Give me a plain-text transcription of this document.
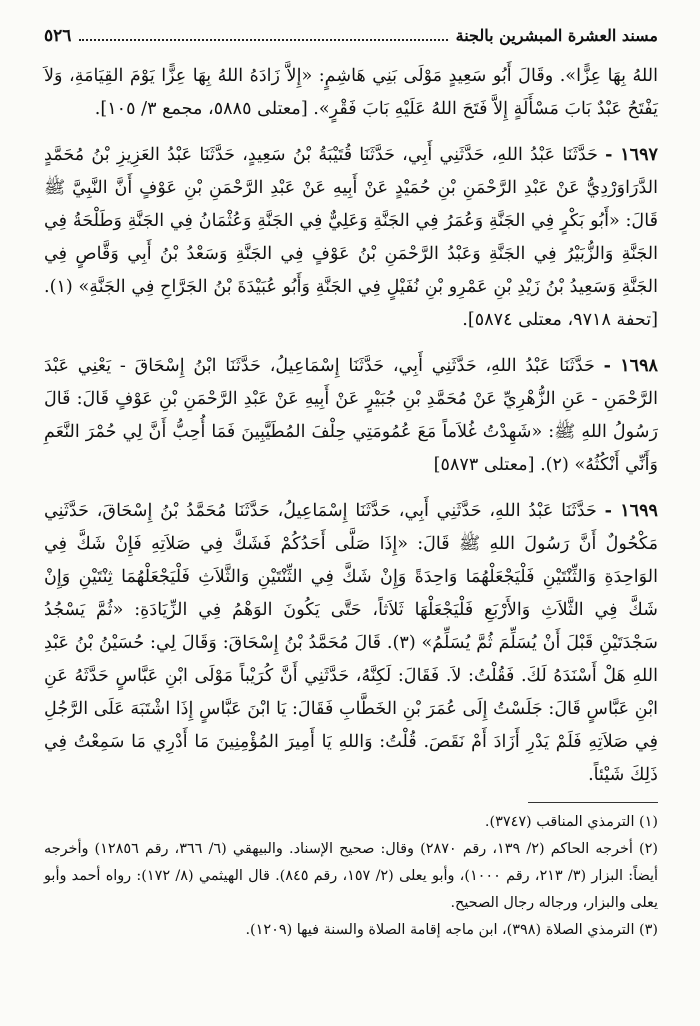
مسند العشرة المبشرين بالجنة
٥٢٦

اللهُ بِهَا عِزًّا». وقَالَ أَبُو سَعِيدٍ مَوْلَى بَنِي هَاشِمٍ: «إِلاَّ زَادَهُ اللهُ بِهَا عِزًّا يَوْمَ القِيَامَةِ، وَلاَ يَفْتَحُ عَبْدٌ بَابَ مَسْأَلَةٍ إِلاَّ فَتَحَ اللهُ عَلَيْهِ بَابَ فَقْرٍ». [معتلى ٥٨٨٥، مجمع ٣/ ١٠٥].

١٦٩٧ - حَدَّثَنَا عَبْدُ اللهِ، حَدَّثَنِي أَبِي، حَدَّثَنَا قُتَيْبَةُ بْنُ سَعِيدٍ، حَدَّثَنَا عَبْدُ العَزِيزِ بْنُ مُحَمَّدٍ الدَّرَاوَرْدِيُّ عَنْ عَبْدِ الرَّحْمَنِ بْنِ حُمَيْدٍ عَنْ أَبِيهِ عَنْ عَبْدِ الرَّحْمَنِ بْنِ عَوْفٍ أَنَّ النَّبِيَّ ﷺ قَالَ: «أَبُو بَكْرٍ فِي الجَنَّةِ وَعُمَرُ فِي الجَنَّةِ وَعَلِيٌّ فِي الجَنَّةِ وَعُثْمَانُ فِي الجَنَّةِ وَطَلْحَةُ فِي الجَنَّةِ وَالزُّبَيْرُ فِي الجَنَّةِ وَعَبْدُ الرَّحْمَنِ بْنُ عَوْفٍ فِي الجَنَّةِ وَسَعْدُ بْنُ أَبِي وَقَّاصٍ فِي الجَنَّةِ وَسَعِيدُ بْنُ زَيْدِ بْنِ عَمْرِو بْنِ نُفَيْلٍ فِي الجَنَّةِ وَأَبُو عُبَيْدَةَ بْنُ الجَرَّاحِ فِي الجَنَّةِ» (١). [تحفة ٩٧١٨، معتلى ٥٨٧٤].

١٦٩٨ - حَدَّثَنَا عَبْدُ اللهِ، حَدَّثَنِي أَبِي، حَدَّثَنَا إِسْمَاعِيلُ، حَدَّثَنَا ابْنُ إِسْحَاقَ - يَعْنِي عَبْدَ الرَّحْمَنِ - عَنِ الزُّهْرِيِّ عَنْ مُحَمَّدِ بْنِ جُبَيْرٍ عَنْ أَبِيهِ عَنْ عَبْدِ الرَّحْمَنِ بْنِ عَوْفٍ قَالَ: قَالَ رَسُولُ اللهِ ﷺ: «شَهِدْتُ غُلاَماً مَعَ عُمُومَتِي حِلْفَ المُطَيَّبِينَ فَمَا أُحِبُّ أَنَّ لِي حُمْرَ النَّعَمِ وَأَنِّي أَنْكُثُهُ» (٢). [معتلى ٥٨٧٣]

١٦٩٩ - حَدَّثَنَا عَبْدُ اللهِ، حَدَّثَنِي أَبِي، حَدَّثَنَا إِسْمَاعِيلُ، حَدَّثَنَا مُحَمَّدُ بْنُ إِسْحَاقَ، حَدَّثَنِي مَكْحُولٌ أَنَّ رَسُولَ اللهِ ﷺ قَالَ: «إِذَا صَلَّى أَحَدُكُمْ فَشَكَّ فِي صَلاَتِهِ فَإِنْ شَكَّ فِي الوَاحِدَةِ وَالثِّنْتَيْنِ فَلْيَجْعَلْهُمَا وَاحِدَةً وَإِنْ شَكَّ فِي الثِّنْتَيْنِ وَالثَّلاَثِ فَلْيَجْعَلْهُمَا ثِنْتَيْنِ وَإِنْ شَكَّ فِي الثَّلاَثِ وَالأَرْبَعِ فَلْيَجْعَلْهَا ثَلاَثاً، حَتَّى يَكُونَ الوَهْمُ فِي الزِّيَادَةِ: «ثُمَّ يَسْجُدُ سَجْدَتَيْنِ قَبْلَ أَنْ يُسَلِّمَ ثُمَّ يُسَلِّمُ» (٣). قَالَ مُحَمَّدُ بْنُ إِسْحَاقَ: وَقَالَ لِي: حُسَيْنُ بْنُ عَبْدِ اللهِ هَلْ أَسْنَدَهُ لَكَ. فَقُلْتُ: لاَ. فَقَالَ: لَكِنَّهُ، حَدَّثَنِي أَنَّ كُرَيْباً مَوْلَى ابْنِ عَبَّاسٍ حَدَّثَهُ عَنِ ابْنِ عَبَّاسٍ قَالَ: جَلَسْتُ إِلَى عُمَرَ بْنِ الخَطَّابِ فَقَالَ: يَا ابْنَ عَبَّاسٍ إِذَا اشْتَبَهَ عَلَى الرَّجُلِ فِي صَلاَتِهِ فَلَمْ يَدْرِ أَزَادَ أَمْ نَقَصَ. قُلْتُ: وَاللهِ يَا أَمِيرَ المُؤْمِنِينَ مَا أَدْرِي مَا سَمِعْتُ فِي ذَلِكَ شَيْئاً.

(١) الترمذي المناقب (٣٧٤٧).

(٢) أخرجه الحاكم (٢/ ١٣٩، رقم ٢٨٧٠) وقال: صحيح الإسناد. والبيهقي (٦/ ٣٦٦، رقم ١٢٨٥٦) وأخرجه أيضاً: البزار (٣/ ٢١٣، رقم ١٠٠٠)، وأبو يعلى (٢/ ١٥٧، رقم ٨٤٥). قال الهيثمي (٨/ ١٧٢): رواه أحمد وأبو يعلى والبزار، ورجاله رجال الصحيح.

(٣) الترمذي الصلاة (٣٩٨)، ابن ماجه إقامة الصلاة والسنة فيها (١٢٠٩).
